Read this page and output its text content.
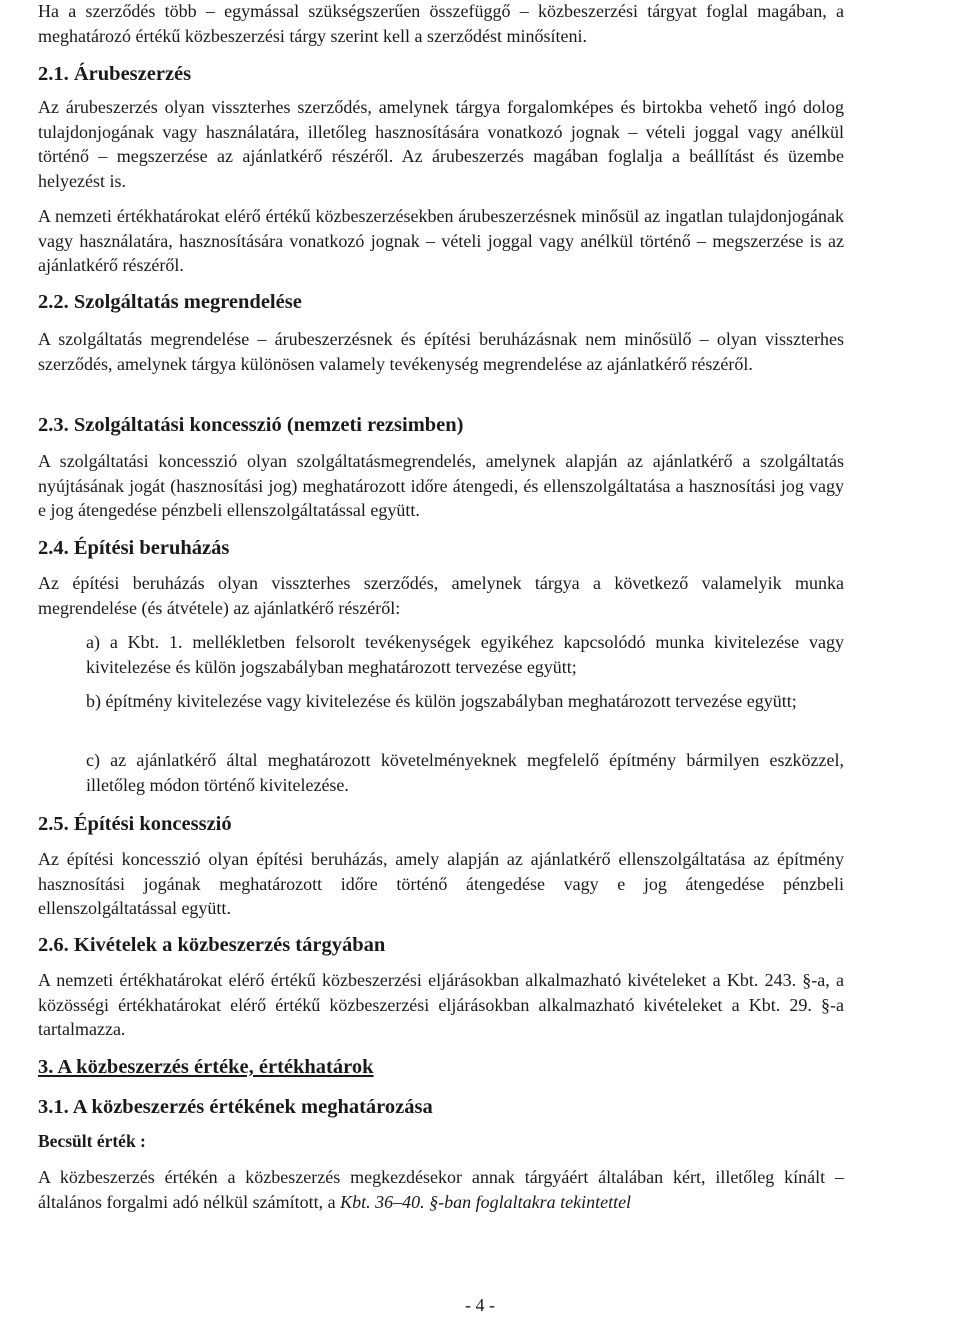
Ha a szerződés több – egymással szükségszerűen összefüggő – közbeszerzési tárgyat foglal magában, a meghatározó értékű közbeszerzési tárgy szerint kell a szerződést minősíteni.

2.1. Árubeszerzés

Az árubeszerzés olyan visszterhes szerződés, amelynek tárgya forgalomképes és birtokba vehető ingó dolog tulajdonjogának vagy használatára, illetőleg hasznosítására vonatkozó jognak – vételi joggal vagy anélkül történő – megszerzése az ajánlatkérő részéről. Az árubeszerzés magában foglalja a beállítást és üzembe helyezést is.

A nemzeti értékhatárokat elérő értékű közbeszerzésekben árubeszerzésnek minősül az ingatlan tulajdonjogának vagy használatára, hasznosítására vonatkozó jognak – vételi joggal vagy anélkül történő – megszerzése is az ajánlatkérő részéről.

2.2. Szolgáltatás megrendelése

A szolgáltatás megrendelése – árubeszerzésnek és építési beruházásnak nem minősülő – olyan visszterhes szerződés, amelynek tárgya különösen valamely tevékenység megrendelése az ajánlatkérő részéről.

2.3. Szolgáltatási koncesszió (nemzeti rezsimben)

A szolgáltatási koncesszió olyan szolgáltatásmegrendelés, amelynek alapján az ajánlatkérő a szolgáltatás nyújtásának jogát (hasznosítási jog) meghatározott időre átengedi, és ellenszolgáltatása a hasznosítási jog vagy e jog átengedése pénzbeli ellenszolgáltatással együtt.

2.4. Építési beruházás

Az építési beruházás olyan visszterhes szerződés, amelynek tárgya a következő valamelyik munka megrendelése (és átvétele) az ajánlatkérő részéről:

a) a Kbt. 1. mellékletben felsorolt tevékenységek egyikéhez kapcsolódó munka kivitelezése vagy kivitelezése és külön jogszabályban meghatározott tervezése együtt;

b) építmény kivitelezése vagy kivitelezése és külön jogszabályban meghatározott tervezése együtt;

c) az ajánlatkérő által meghatározott követelményeknek megfelelő építmény bármilyen eszközzel, illetőleg módon történő kivitelezése.

2.5. Építési koncesszió

Az építési koncesszió olyan építési beruházás, amely alapján az ajánlatkérő ellenszolgáltatása az építmény hasznosítási jogának meghatározott időre történő átengedése vagy e jog átengedése pénzbeli ellenszolgáltatással együtt.

2.6. Kivételek a közbeszerzés tárgyában

A nemzeti értékhatárokat elérő értékű közbeszerzési eljárásokban alkalmazható kivételeket a Kbt. 243. §-a, a közösségi értékhatárokat elérő értékű közbeszerzési eljárásokban alkalmazható kivételeket a Kbt. 29. §-a tartalmazza.

3. A közbeszerzés értéke, értékhatárok
3.1. A közbeszerzés értékének meghatározása
Becsült érték :

A közbeszerzés értékén a közbeszerzés megkezdésekor annak tárgyáért általában kért, illetőleg kínált – általános forgalmi adó nélkül számított, a Kbt. 36–40. §-ban foglaltakra tekintettel

- 4 -
